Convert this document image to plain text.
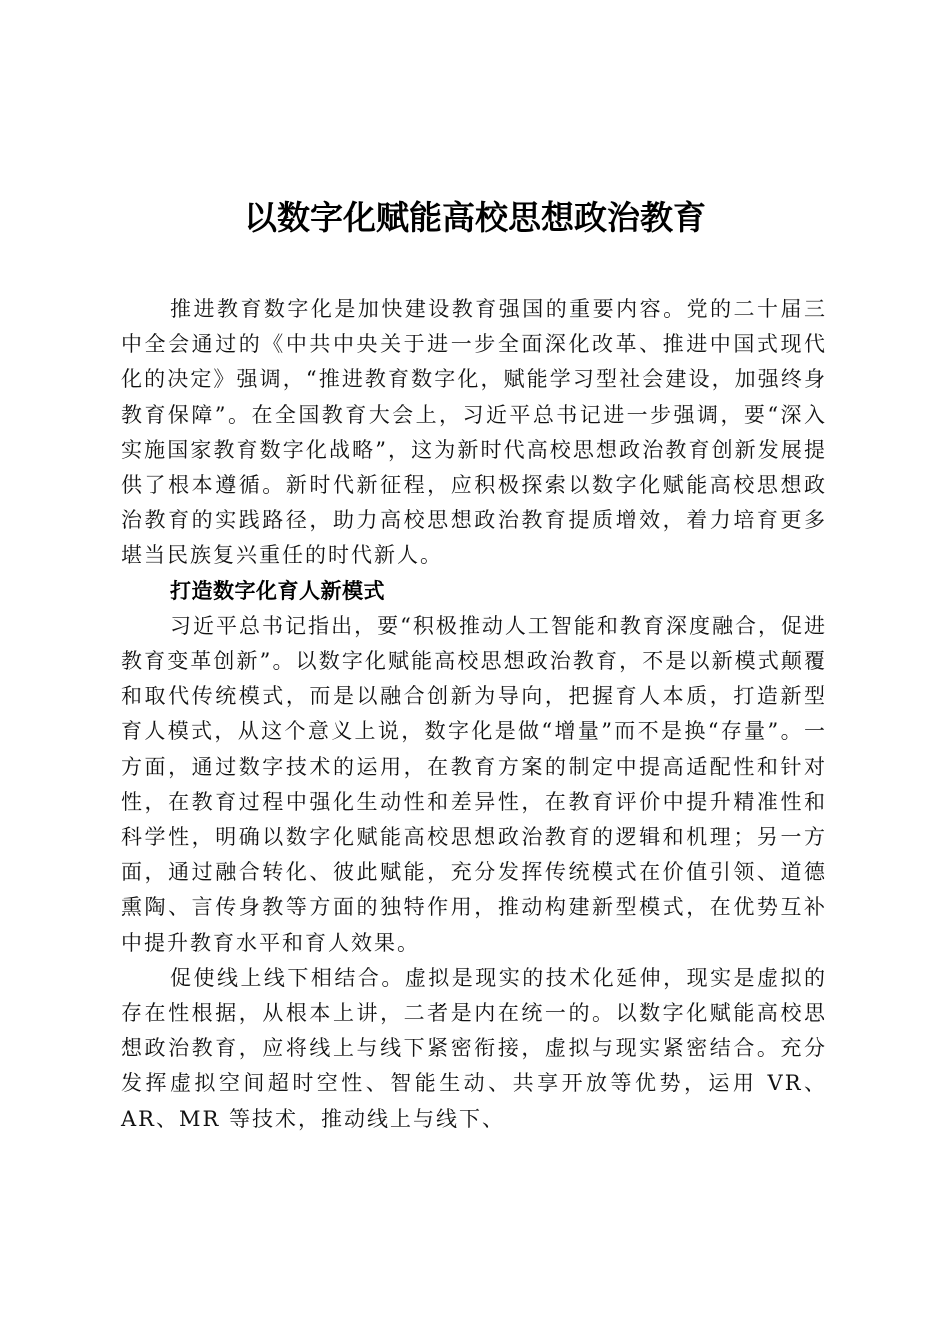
以数字化赋能高校思想政治教育

推进教育数字化是加快建设教育强国的重要内容。党的二十届三中全会通过的《中共中央关于进一步全面深化改革、推进中国式现代化的决定》强调，“推进教育数字化，赋能学习型社会建设，加强终身教育保障”。在全国教育大会上，习近平总书记进一步强调，要“深入实施国家教育数字化战略”，这为新时代高校思想政治教育创新发展提供了根本遵循。新时代新征程，应积极探索以数字化赋能高校思想政治教育的实践路径，助力高校思想政治教育提质增效，着力培育更多堪当民族复兴重任的时代新人。

打造数字化育人新模式

习近平总书记指出，要“积极推动人工智能和教育深度融合，促进教育变革创新”。以数字化赋能高校思想政治教育，不是以新模式颠覆和取代传统模式，而是以融合创新为导向，把握育人本质，打造新型育人模式，从这个意义上说，数字化是做“增量”而不是换“存量”。一方面，通过数字技术的运用，在教育方案的制定中提高适配性和针对性，在教育过程中强化生动性和差异性，在教育评价中提升精准性和科学性，明确以数字化赋能高校思想政治教育的逻辑和机理；另一方面，通过融合转化、彼此赋能，充分发挥传统模式在价值引领、道德熏陶、言传身教等方面的独特作用，推动构建新型模式，在优势互补中提升教育水平和育人效果。

促使线上线下相结合。虚拟是现实的技术化延伸，现实是虚拟的存在性根据，从根本上讲，二者是内在统一的。以数字化赋能高校思想政治教育，应将线上与线下紧密衔接，虚拟与现实紧密结合。充分发挥虚拟空间超时空性、智能生动、共享开放等优势，运用 VR、AR、MR 等技术，推动线上与线下、
